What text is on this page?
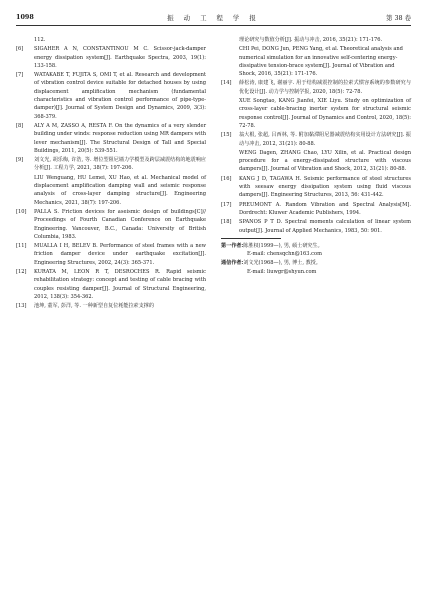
1098	振 动 工 程 学 报	第 38 卷
112.
[6]	SIGAHER A N, CONSTANTINOU M C. Scissor-jack-damper energy dissipation system[J]. Earthquake Spectra, 2003, 19(1): 133-158.
[7]	WATAKABE T, FUJITA S, OMI T, et al. Research and development of vibration control device suitable for detached houses by using displacement amplification mechanism (fundamental characteristics and vibration control performance of pipe-type-damper)[J]. Journal of System Design and Dynamics, 2009, 3(3): 368-379.
[8]	ALY A M, ZASSO A, RESTA F. On the dynamics of a very slender building under winds: response reduction using MR dampers with lever mechanism[J]. The Structural Design of Tall and Special Buildings, 2011, 20(5): 539-551.
[9]	刘文光, 胡乐梅, 许浩, 等. 增位型阻尼墙力学模型及跨层减震结构的地震响应分析[J]. 工程力学, 2021, 38(7): 197-206.
LIU Wenguang, HU Lemei, XU Hao, et al. Mechanical model of displacement amplification damping wall and seismic response analysis of cross-layer damping structure[J]. Engineering Mechanics, 2021, 38(7): 197-206.
[10]	PALLA S. Friction devices for aseismic design of buildings[C]// Proceedings of Fourth Canadian Conference on Earthquake Engineering. Vancouver, B.C., Canada: University of British Columbia, 1983.
[11]	MUALLA I H, BELEV B. Performance of steel frames with a new friction damper device under earthquake excitation[J]. Engineering Structures, 2002, 24(3): 365-371.
[12]	KURATA M, LEON R T, DESROCHES R. Rapid seismic rehabilitation strategy: concept and testing of cable bracing with couples resisting damper[J]. Journal of Structural Engineering, 2012, 138(3): 354-362.
[13]	池坤, 蕫军, 彭洋, 等. 一种新型自复位耗能拉索支撑的
理论研究与数值分析[J]. 振动与冲击, 2016, 35(21): 171-176.
CHI Pei, DONG Jun, PENG Yang, et al. Theoretical analysis and numerical simulation for an innovative self-centering energy-dissipative tension-brace system[J]. Journal of Vibration and Shock, 2016, 35(21): 171-176.
[14]	薛松涛, 康建飞, 谢丽宇. 用于结构减震控制的拉索式惯容系统的参数研究与优化设计[J]. 动力学与控制学报, 2020, 18(5): 72-78.
XUE Songtao, KANG Jianfei, XIE Liyu. Study on optimization of cross-layer cable-bracing inerter system for structural seismic response control[J]. Journal of Dynamics and Control, 2020, 18(5): 72-78.
[15]	翁大根, 张超, 吕西林, 等. 附加黏滞阻尼器减震结构实用设计方法研究[J]. 振动与冲击, 2012, 31(21): 80-88.
WENG Dagen, ZHANG Chao, LYU Xilin, et al. Practical design procedure for a energy-dissipated structure with viscous dampers[J]. Journal of Vibration and Shock, 2012, 31(21): 80-88.
[16]	KANG J D, TAGAWA H. Seismic performance of steel structures with seesaw energy dissipation system using fluid viscous dampers[J]. Engineering Structures, 2013, 56: 431-442.
[17]	PREUMONT A. Random Vibration and Spectral Analysis[M]. Dordrecht: Kluwer Academic Publishers, 1994.
[18]	SPANOS P T D. Spectral moments calculation of linear system output[J]. Journal of Applied Mechanics, 1983, 50: 901.
第一作者:陈胜权(1999—), 男, 硕士研究生。
E-mail: chensqchn@163.com
通信作者:刘文光(1968—), 男, 博士, 教授。
E-mail: liuwgr@shyun.com
